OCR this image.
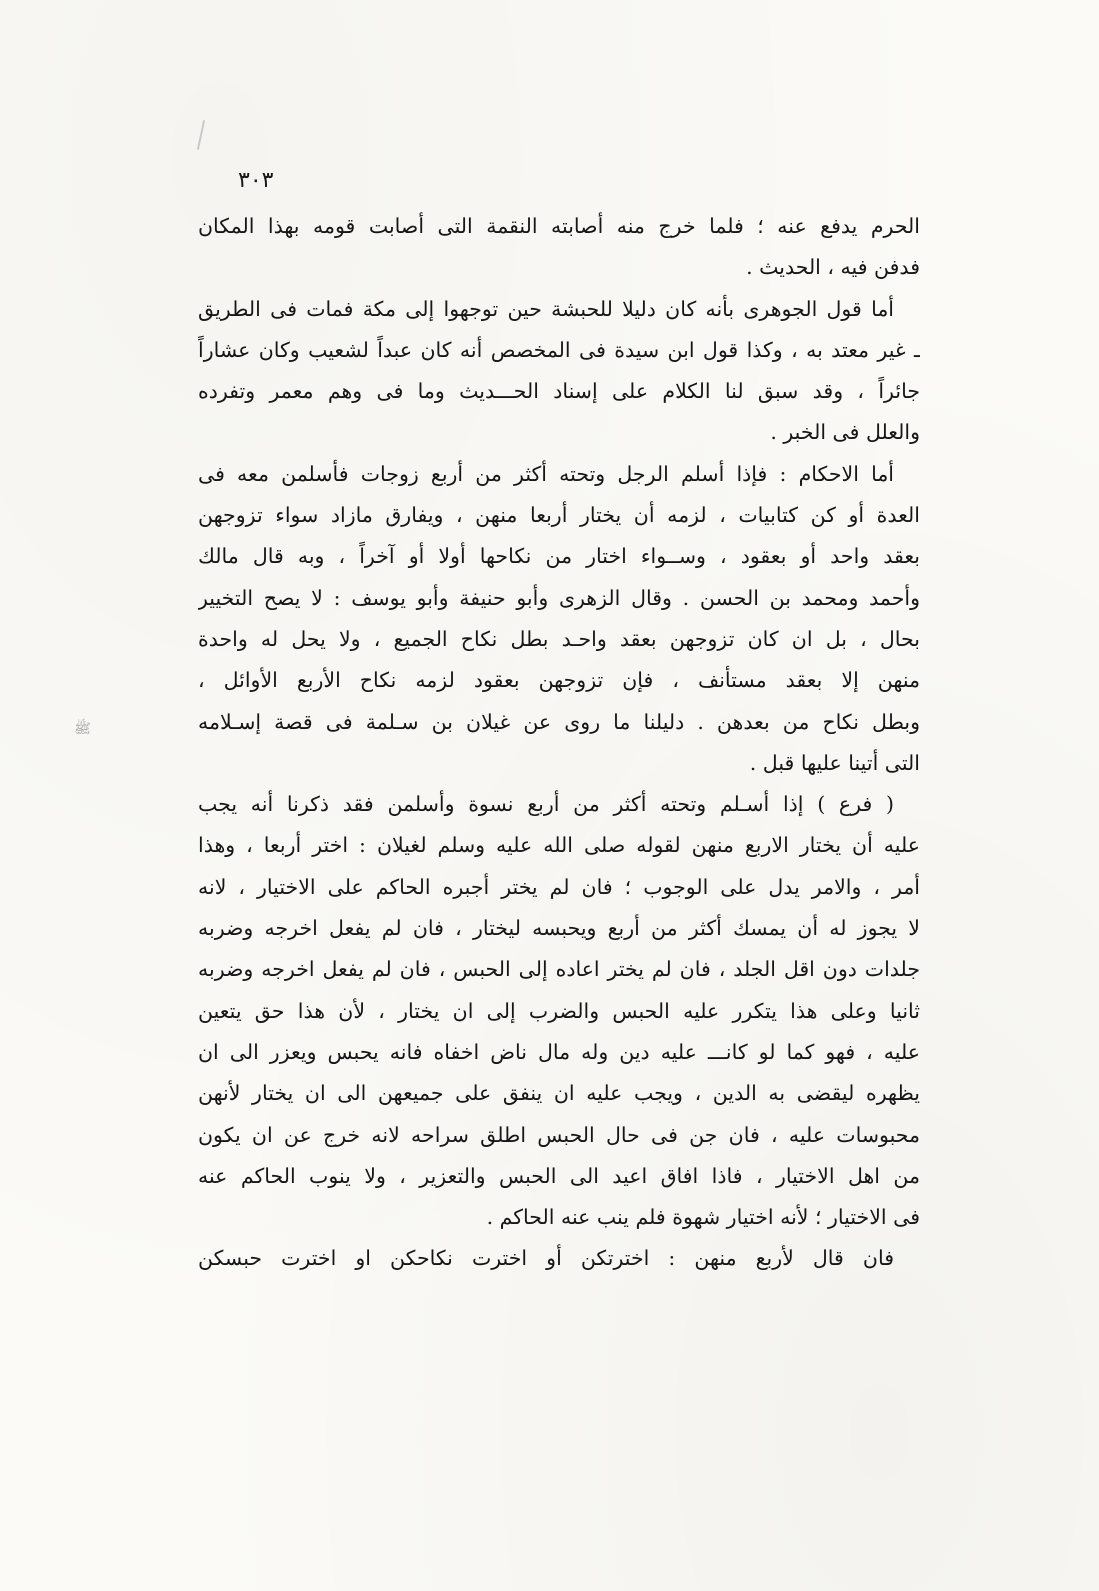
٣٠٣
ﷺ
الحرم يدفع عنه ؛ فلما خرج منه أصابته النقمة التى أصابت قومه بهذا المكان
فدفن فيه ، الحديث .
أما قول الجوهرى بأنه كان دليلا للحبشة حين توجهوا إلى مكة فمات فى الطريق
ـ غير معتد به ، وكذا قول ابن سيدة فى المخصص أنه كان عبداً لشعيب وكان عشاراً
جائراً ، وقد سبق لنا الكلام على إسناد الحـــديث وما فى وهم معمر وتفرده
والعلل فى الخبر .
أما الاحكام : فإذا أسلم الرجل وتحته أكثر من أربع زوجات فأسلمن معه فى
العدة أو كن كتابيات ، لزمه أن يختار أربعا منهن ، ويفارق مازاد سواء تزوجهن
بعقد واحد أو بعقود ، وســواء اختار من نكاحها أولا أو آخراً ، وبه قال مالك
وأحمد ومحمد بن الحسن . وقال الزهرى وأبو حنيفة وأبو يوسف : لا يصح التخيير
بحال ، بل ان كان تزوجهن بعقد واحـد بطل نكاح الجميع ، ولا يحل له واحدة
منهن إلا بعقد مستأنف ، فإن تزوجهن بعقود لزمه نكاح الأربع الأوائل ،
وبطل نكاح من بعدهن . دليلنا ما روى عن غيلان بن سـلمة فى قصة إسـلامه
التى أتينا عليها قبل .
( فرع ) إذا أسـلم وتحته أكثر من أربع نسوة وأسلمن فقد ذكرنا أنه يجب
عليه أن يختار الاربع منهن لقوله صلى الله عليه وسلم لغيلان : اختر أربعا ، وهذا
أمر ، والامر يدل على الوجوب ؛ فان لم يختر أجبره الحاكم على الاختيار ، لانه
لا يجوز له أن يمسك أكثر من أربع ويحبسه ليختار ، فان لم يفعل اخرجه وضربه
جلدات دون اقل الجلد ، فان لم يختر اعاده إلى الحبس ، فان لم يفعل اخرجه وضربه
ثانيا وعلى هذا يتكرر عليه الحبس والضرب إلى ان يختار ، لأن هذا حق يتعين
عليه ، فهو كما لو كانـــ عليه دين وله مال ناض اخفاه فانه يحبس ويعزر الى ان
يظهره ليقضى به الدين ، ويجب عليه ان ينفق على جميعهن الى ان يختار لأنهن
محبوسات عليه ، فان جن فى حال الحبس اطلق سراحه لانه خرج عن ان يكون
من اهل الاختيار ، فاذا افاق اعيد الى الحبس والتعزير ، ولا ينوب الحاكم عنه
فى الاختيار ؛ لأنه اختيار شهوة فلم ينب عنه الحاكم .
فان قال لأربع منهن : اخترتكن أو اخترت نكاحكن او اخترت حبسكن
